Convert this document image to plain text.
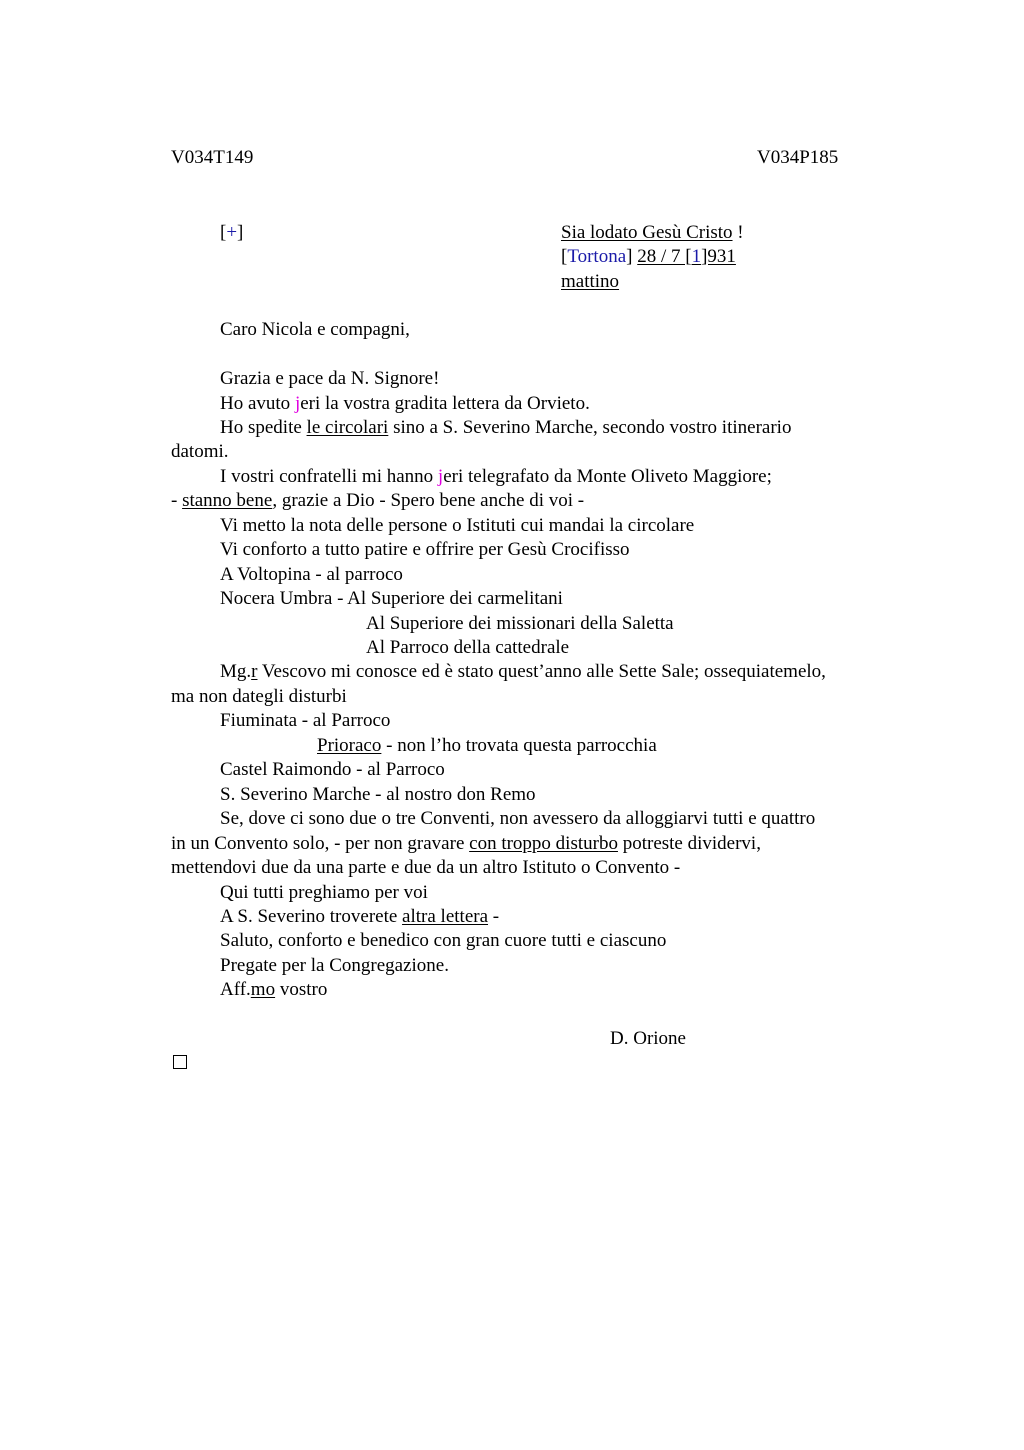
V034T149	V034P185
[+]	Sia lodato Gesù Cristo !
[Tortona] 28 / 7 [1]931
mattino
Caro Nicola e compagni,
Grazia e pace da N. Signore!
Ho avuto jeri la vostra gradita lettera da Orvieto.
Ho spedite le circolari sino a S. Severino Marche, secondo vostro itinerario
datomi.
I vostri confratelli mi hanno jeri telegrafato da Monte Oliveto Maggiore;
- stanno bene, grazie a Dio - Spero bene anche di voi -
Vi metto la nota delle persone o Istituti cui mandai la circolare
Vi conforto a tutto patire e offrire per Gesù Crocifisso
A Voltopina - al parroco
Nocera Umbra - Al Superiore dei carmelitani
Al Superiore dei missionari della Saletta
Al Parroco della cattedrale
Mg.r Vescovo mi conosce ed è stato quest’anno alle Sette Sale; ossequiatemelo,
ma non dategli disturbi
Fiuminata - al Parroco
Prioraco - non l’ho trovata questa parrocchia
Castel Raimondo - al Parroco
S. Severino Marche - al nostro don Remo
Se, dove ci sono due o tre Conventi, non avessero da alloggiarvi tutti e quattro
in un Convento solo, - per non gravare con troppo disturbo potreste dividervi,
mettendovi due da una parte e due da un altro Istituto o Convento -
Qui tutti preghiamo per voi
A S. Severino troverete altra lettera -
Saluto, conforto e benedico con gran cuore tutti e ciascuno
Pregate per la Congregazione.
Aff.mo vostro
D. Orione
